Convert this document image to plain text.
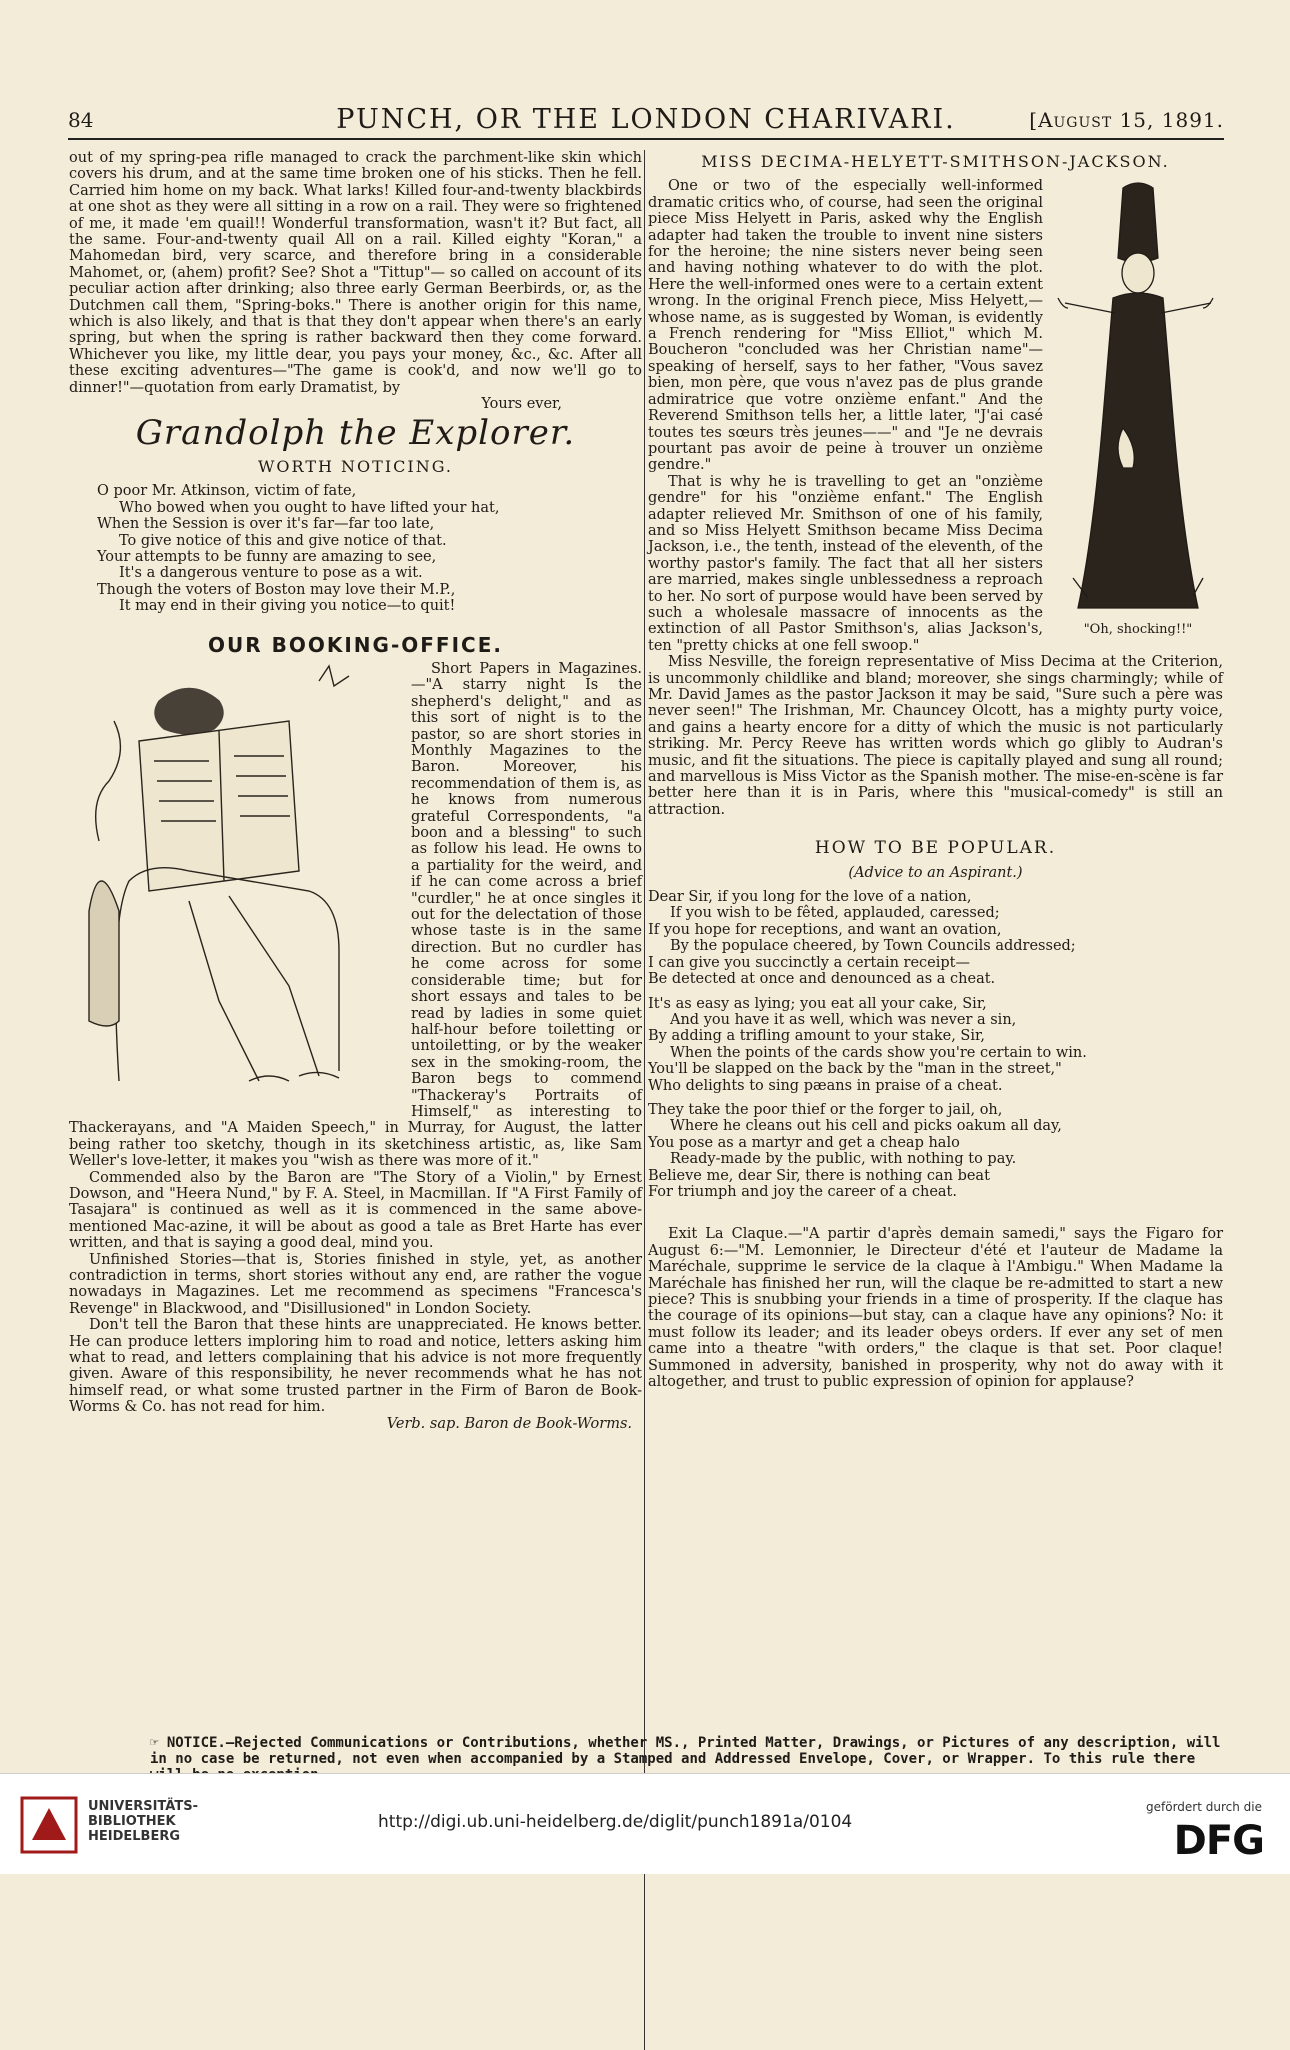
84	PUNCH, OR THE LONDON CHARIVARI.	[August 15, 1891.

out of my spring-pea rifle managed to crack the parchment-like skin which covers his drum, and at the same time broken one of his sticks. Then he fell. Carried him home on my back. What larks! Killed four-and-twenty blackbirds at one shot as they were all sitting in a row on a rail. They were so frightened of me, it made 'em quail!! Wonderful transformation, wasn't it? But fact, all the same. Four-and-twenty quail All on a rail. Killed eighty "Koran," a Mahomedan bird, very scarce, and therefore bring in a considerable Mahomet, or, (ahem) profit? See? Shot a "Tittup"— so called on account of its peculiar action after drinking; also three early German Beerbirds, or, as the Dutchmen call them, "Spring-boks." There is another origin for this name, which is also likely, and that is that they don't appear when there's an early spring, but when the spring is rather backward then they come forward. Whichever you like, my little dear, you pays your money, &c., &c. After all these exciting adventures—"The game is cook'd, and now we'll go to dinner!"—quotation from early Dramatist, by

Yours ever,
Grandolph the Explorer.
WORTH NOTICING.
O poor Mr. Atkinson, victim of fate,
Who bowed when you ought to have lifted your hat,
When the Session is over it's far—far too late,
To give notice of this and give notice of that.
Your attempts to be funny are amazing to see,
It's a dangerous venture to pose as a wit.
Though the voters of Boston may love their M.P.,
It may end in their giving you notice—to quit!
OUR BOOKING-OFFICE.

Short Papers in Magazines.—"A starry night Is the shepherd's delight," and as this sort of night is to the pastor, so are short stories in Monthly Magazines to the Baron. Moreover, his recommendation of them is, as he knows from numerous grateful Correspondents, "a boon and a blessing" to such as follow his lead. He owns to a partiality for the weird, and if he can come across a brief "curdler," he at once singles it out for the delectation of those whose taste is in the same direction. But no curdler has he come across for some considerable time; but for short essays and tales to be read by ladies in some quiet half-hour before toiletting or untoiletting, or by the weaker sex in the smoking-room, the Baron begs to commend "Thackeray's Portraits of Himself," as interesting to Thackerayans, and "A Maiden Speech," in Murray, for August, the latter being rather too sketchy, though in its sketchiness artistic, as, like Sam Weller's love-letter, it makes you "wish as there was more of it."

Commended also by the Baron are "The Story of a Violin," by Ernest Dowson, and "Heera Nund," by F. A. Steel, in Macmillan. If "A First Family of Tasajara" is continued as well as it is commenced in the same above-mentioned Mac-azine, it will be about as good a tale as Bret Harte has ever written, and that is saying a good deal, mind you.

Unfinished Stories—that is, Stories finished in style, yet, as another contradiction in terms, short stories without any end, are rather the vogue nowadays in Magazines. Let me recommend as specimens "Francesca's Revenge" in Blackwood, and "Disillusioned" in London Society.

Don't tell the Baron that these hints are unappreciated. He knows better. He can produce letters imploring him to road and notice, letters asking him what to read, and letters complaining that his advice is not more frequently given. Aware of this responsibility, he never recommends what he has not himself read, or what some trusted partner in the Firm of Baron de Book-Worms & Co. has not read for him.

Verb. sap. Baron de Book-Worms.
MISS DECIMA-HELYETT-SMITHSON-JACKSON.
"Oh, shocking!!"

One or two of the especially well-informed dramatic critics who, of course, had seen the original piece Miss Helyett in Paris, asked why the English adapter had taken the trouble to invent nine sisters for the heroine; the nine sisters never being seen and having nothing whatever to do with the plot. Here the well-informed ones were to a certain extent wrong. In the original French piece, Miss Helyett,—whose name, as is suggested by Woman, is evidently a French rendering for "Miss Elliot," which M. Boucheron "concluded was her Christian name"— speaking of herself, says to her father, "Vous savez bien, mon père, que vous n'avez pas de plus grande admiratrice que votre onzième enfant." And the Reverend Smithson tells her, a little later, "J'ai casé toutes tes sœurs très jeunes——" and "Je ne devrais pourtant pas avoir de peine à trouver un onzième gendre."

That is why he is travelling to get an "onzième gendre" for his "onzième enfant." The English adapter relieved Mr. Smithson of one of his family, and so Miss Helyett Smithson became Miss Decima Jackson, i.e., the tenth, instead of the eleventh, of the worthy pastor's family. The fact that all her sisters are married, makes single unblessedness a reproach to her. No sort of purpose would have been served by such a wholesale massacre of innocents as the extinction of all Pastor Smithson's, alias Jackson's, ten "pretty chicks at one fell swoop."

Miss Nesville, the foreign representative of Miss Decima at the Criterion, is uncommonly childlike and bland; moreover, she sings charmingly; while of Mr. David James as the pastor Jackson it may be said, "Sure such a père was never seen!" The Irishman, Mr. Chauncey Olcott, has a mighty purty voice, and gains a hearty encore for a ditty of which the music is not particularly striking. Mr. Percy Reeve has written words which go glibly to Audran's music, and fit the situations. The piece is capitally played and sung all round; and marvellous is Miss Victor as the Spanish mother. The mise-en-scène is far better here than it is in Paris, where this "musical-comedy" is still an attraction.

HOW TO BE POPULAR.
(Advice to an Aspirant.)
Dear Sir, if you long for the love of a nation,
If you wish to be fêted, applauded, caressed;
If you hope for receptions, and want an ovation,
By the populace cheered, by Town Councils addressed;
I can give you succinctly a certain receipt—
Be detected at once and denounced as a cheat.
It's as easy as lying; you eat all your cake, Sir,
And you have it as well, which was never a sin,
By adding a trifling amount to your stake, Sir,
When the points of the cards show you're certain to win.
You'll be slapped on the back by the "man in the street,"
Who delights to sing pæans in praise of a cheat.
They take the poor thief or the forger to jail, oh,
Where he cleans out his cell and picks oakum all day,
You pose as a martyr and get a cheap halo
Ready-made by the public, with nothing to pay.
Believe me, dear Sir, there is nothing can beat
For triumph and joy the career of a cheat.

Exit La Claque.—"A partir d'après demain samedi," says the Figaro for August 6:—"M. Lemonnier, le Directeur d'été et l'auteur de Madame la Maréchale, supprime le service de la claque à l'Ambigu." When Madame la Maréchale has finished her run, will the claque be re-admitted to start a new piece? This is snubbing your friends in a time of prosperity. If the claque has the courage of its opinions—but stay, can a claque have any opinions? No: it must follow its leader; and its leader obeys orders. If ever any set of men came into a theatre "with orders," the claque is that set. Poor claque! Summoned in adversity, banished in prosperity, why not do away with it altogether, and trust to public expression of opinion for applause?

☞ NOTICE.—Rejected Communications or Contributions, whether MS., Printed Matter, Drawings, or Pictures of any description, will in no case be returned, not even when accompanied by a Stamped and Addressed Envelope, Cover, or Wrapper. To this rule there
UNIVERSITÄTS-
BIBLIOTHEK
HEIDELBERG
http://digi.ub.uni-heidelberg.de/diglit/punch1891a/0104
gefördert durch die
DFG
